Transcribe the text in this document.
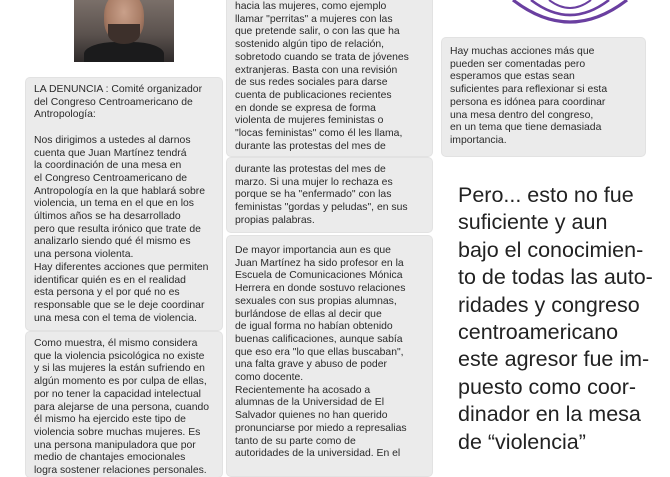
LA DENUNCIA : Comité organizador
del Congreso Centroamericano de
Antropología:

Nos dirigimos a ustedes al darnos
cuenta que Juan Martínez tendrá
la coordinación de una mesa en
el Congreso Centroamericano de
Antropología en la que hablará sobre
violencia, un tema en el que en los
últimos años se ha desarrollado
pero que resulta irónico que trate de
analizarlo siendo qué él mismo es
una persona violenta.
Hay diferentes acciones que permiten
identificar quién es en el realidad
esta persona y el por qué no es
responsable que se le deje coordinar
una mesa con el tema de violencia.
Como muestra, él mismo considera
que la violencia psicológica no existe
y si las mujeres la están sufriendo en
algún momento es por culpa de ellas,
por no tener la capacidad intelectual
para alejarse de una persona, cuando
él mismo ha ejercido este tipo de
violencia sobre muchas mujeres. Es
una persona manipuladora que por
medio de chantajes emocionales
logra sostener relaciones personales.
hacia las mujeres, como ejemplo
llamar "perritas" a mujeres con las
que pretende salir, o con las que ha
sostenido algún tipo de relación,
sobretodo cuando se trata de jóvenes
extranjeras. Basta con una revisión
de sus redes sociales para darse
cuenta de publicaciones recientes
en donde se expresa de forma
violenta de mujeres feministas o
"locas feministas" como él les llama,
durante las protestas del mes de
durante las protestas del mes de
marzo. Si una mujer lo rechaza es
porque se ha "enfermado" con las
feministas "gordas y peludas", en sus
propias palabras.
De mayor importancia aun es que
Juan Martínez ha sido profesor en la
Escuela de Comunicaciones Mónica
Herrera en donde sostuvo relaciones
sexuales con sus propias alumnas,
burlándose de ellas al decir que
de igual forma no habían obtenido
buenas calificaciones, aunque sabía
que eso era "lo que ellas buscaban",
una falta grave y abuso de poder
como docente.
Recientemente ha acosado a
alumnas de la Universidad de El
Salvador quienes no han querido
pronunciarse por miedo a represalias
tanto de su parte como de
autoridades de la universidad. En el
Hay muchas acciones más que
pueden ser comentadas pero
esperamos que estas sean
suficientes para reflexionar si esta
persona es idónea para coordinar
una mesa dentro del congreso,
en un tema que tiene demasiada
importancia.
Pero... esto no fue
suficiente y aun
bajo el conocimien-
to de todas las auto-
ridades y congreso
centroamericano
este agresor fue im-
puesto como coor-
dinador en la mesa
de “violencia”
